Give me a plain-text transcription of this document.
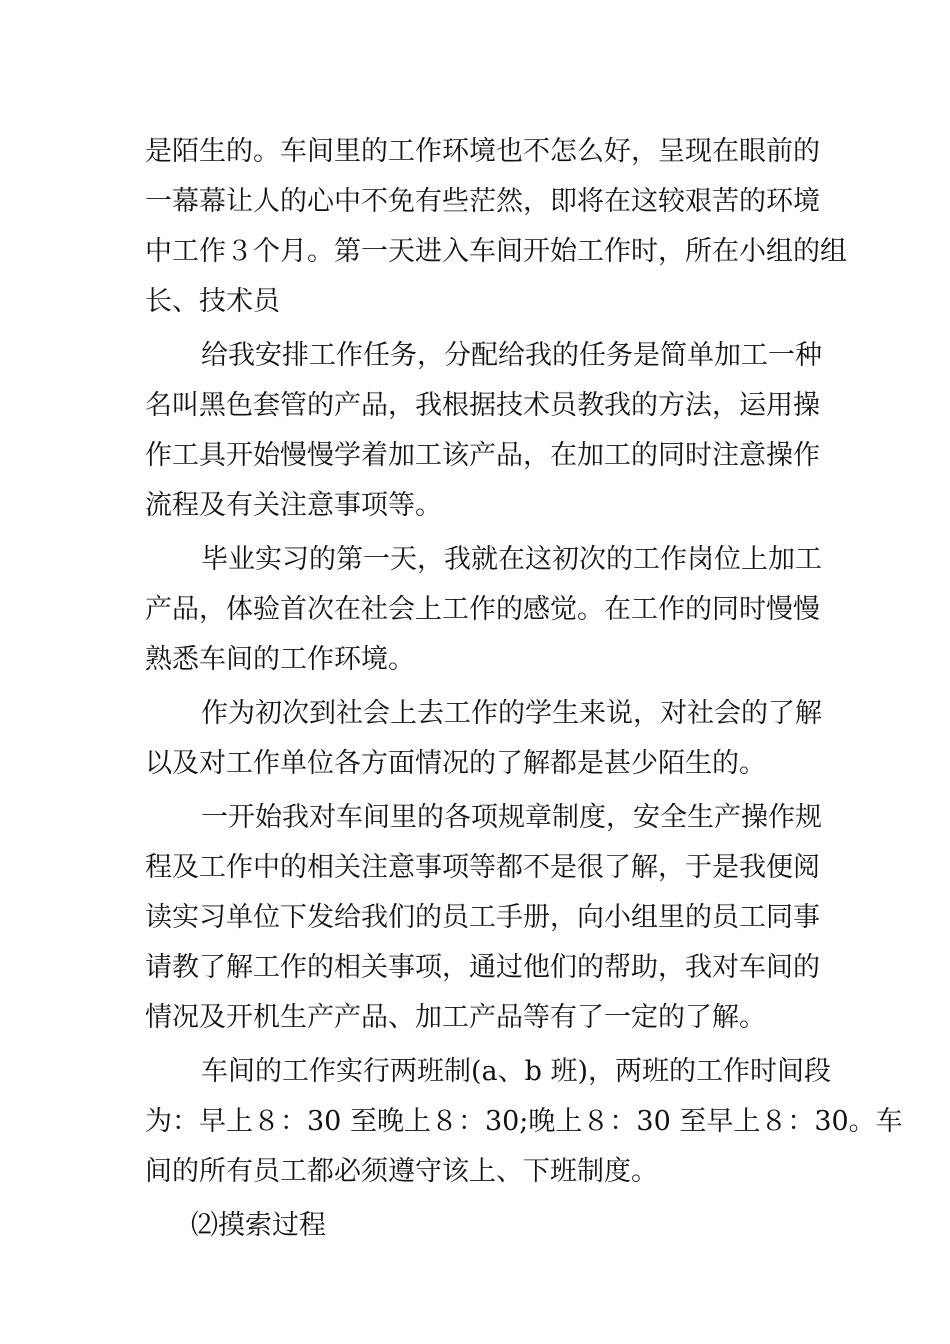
是陌生的。车间里的工作环境也不怎么好，呈现在眼前的
一幕幕让人的心中不免有些茫然，即将在这较艰苦的环境
中工作３个月。第一天进入车间开始工作时，所在小组的组
长、技术员
给我安排工作任务，分配给我的任务是简单加工一种
名叫黑色套管的产品，我根据技术员教我的方法，运用操
作工具开始慢慢学着加工该产品，在加工的同时注意操作
流程及有关注意事项等。
毕业实习的第一天，我就在这初次的工作岗位上加工
产品，体验首次在社会上工作的感觉。在工作的同时慢慢
熟悉车间的工作环境。
作为初次到社会上去工作的学生来说，对社会的了解
以及对工作单位各方面情况的了解都是甚少陌生的。
一开始我对车间里的各项规章制度，安全生产操作规
程及工作中的相关注意事项等都不是很了解，于是我便阅
读实习单位下发给我们的员工手册，向小组里的员工同事
请教了解工作的相关事项，通过他们的帮助，我对车间的
情况及开机生产产品、加工产品等有了一定的了解。
车间的工作实行两班制(a、b 班)，两班的工作时间段
为：早上８：30 至晚上８：30;晚上８：30 至早上８：30。车
间的所有员工都必须遵守该上、下班制度。
⑵摸索过程
